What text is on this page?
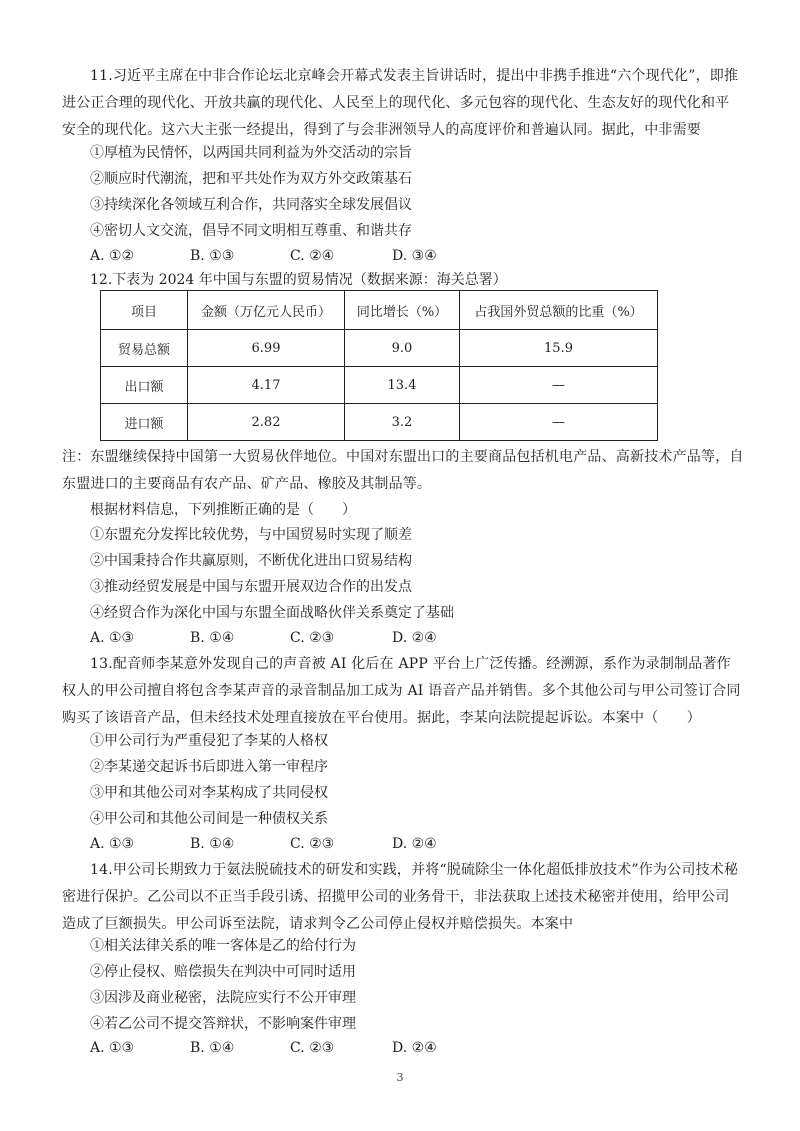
11.习近平主席在中非合作论坛北京峰会开幕式发表主旨讲话时，提出中非携手推进“六个现代化”，即推进公正合理的现代化、开放共赢的现代化、人民至上的现代化、多元包容的现代化、生态友好的现代化和平安全的现代化。这六大主张一经提出，得到了与会非洲领导人的高度评价和普遍认同。据此，中非需要
①厚植为民情怀，以两国共同利益为外交活动的宗旨
②顺应时代潮流，把和平共处作为双方外交政策基石
③持续深化各领域互利合作，共同落实全球发展倡议
④密切人文交流，倡导不同文明相互尊重、和谐共存
A. ①②	B. ①③	C. ②④	D. ③④
12.下表为 2024 年中国与东盟的贸易情况（数据来源：海关总署）
项目	金额（万亿元人民币）	同比增长（%）	占我国外贸总额的比重（%）
贸易总额	6.99	9.0	15.9
出口额	4.17	13.4	—
进口额	2.82	3.2	—
注：东盟继续保持中国第一大贸易伙伴地位。中国对东盟出口的主要商品包括机电产品、高新技术产品等，自东盟进口的主要商品有农产品、矿产品、橡胶及其制品等。
根据材料信息，下列推断正确的是（　　）
①东盟充分发挥比较优势，与中国贸易时实现了顺差
②中国秉持合作共赢原则，不断优化进出口贸易结构
③推动经贸发展是中国与东盟开展双边合作的出发点
④经贸合作为深化中国与东盟全面战略伙伴关系奠定了基础
A. ①③	B. ①④	C. ②③	D. ②④
13.配音师李某意外发现自己的声音被 AI 化后在 APP 平台上广泛传播。经溯源，系作为录制制品著作权人的甲公司擅自将包含李某声音的录音制品加工成为 AI 语音产品并销售。多个其他公司与甲公司签订合同购买了该语音产品，但未经技术处理直接放在平台使用。据此，李某向法院提起诉讼。本案中（　　）
①甲公司行为严重侵犯了李某的人格权
②李某递交起诉书后即进入第一审程序
③甲和其他公司对李某构成了共同侵权
④甲公司和其他公司间是一种债权关系
A. ①③	B. ①④	C. ②③	D. ②④
14.甲公司长期致力于氨法脱硫技术的研发和实践，并将“脱硫除尘一体化超低排放技术”作为公司技术秘密进行保护。乙公司以不正当手段引诱、招揽甲公司的业务骨干，非法获取上述技术秘密并使用，给甲公司造成了巨额损失。甲公司诉至法院，请求判令乙公司停止侵权并赔偿损失。本案中
①相关法律关系的唯一客体是乙的给付行为
②停止侵权、赔偿损失在判决中可同时适用
③因涉及商业秘密，法院应实行不公开审理
④若乙公司不提交答辩状，不影响案件审理
A. ①③	B. ①④	C. ②③	D. ②④
3
